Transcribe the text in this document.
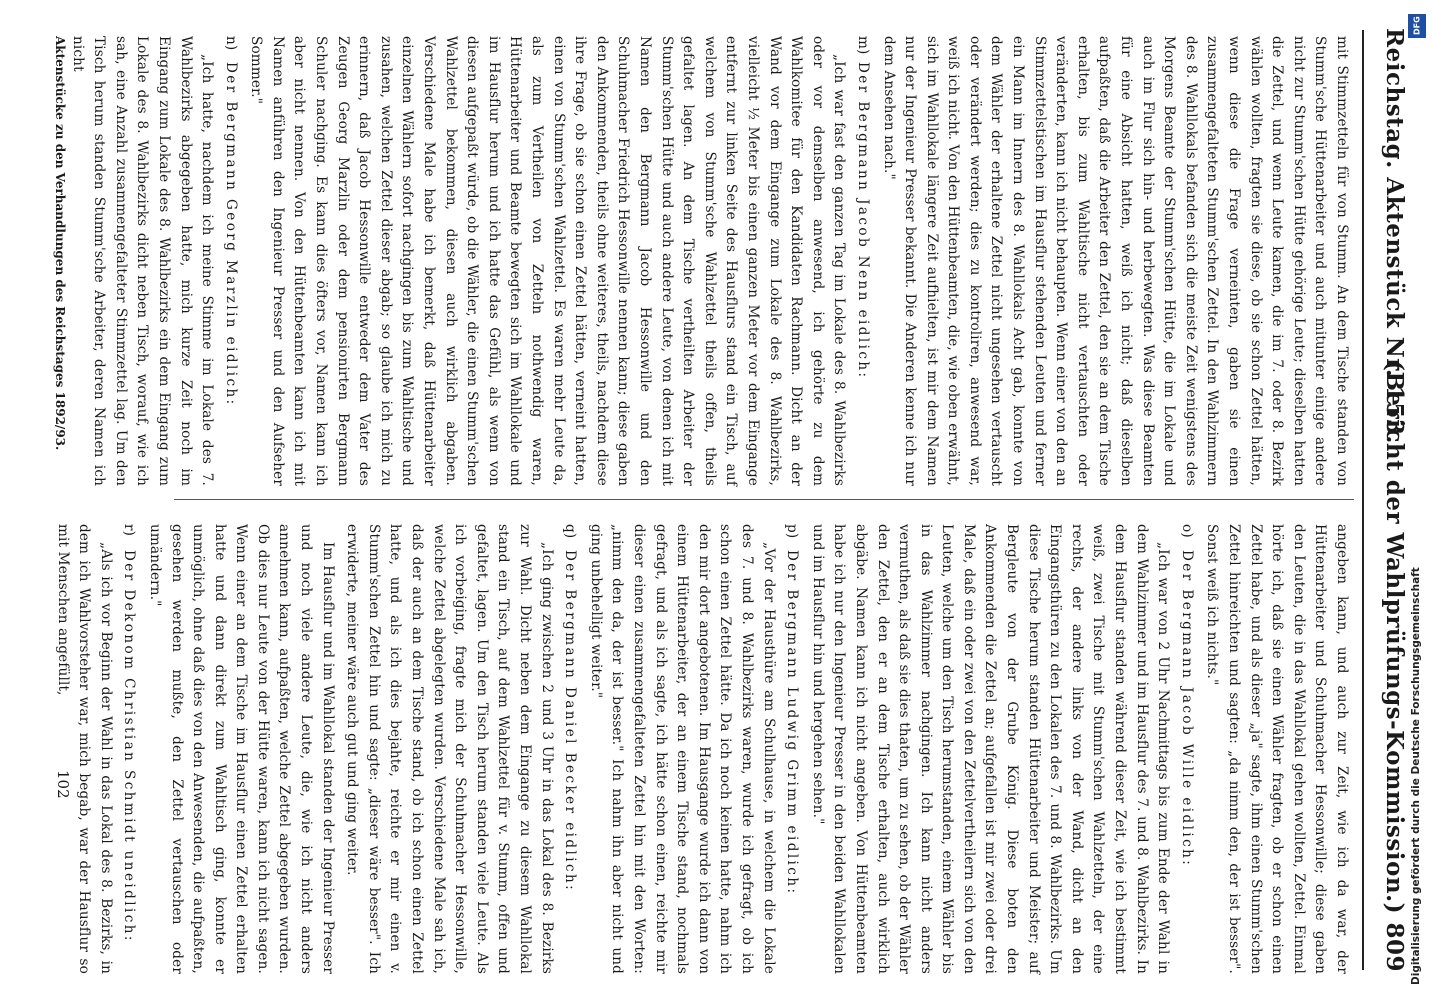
Reichstag. Aktenstück Nr. 153.
(Bericht der Wahlprüfungs-Kommission.) 809

mit Stimmzetteln für von Stumm. An dem Tische standen von Stumm'sche Hüttenarbeiter und auch mitunter einige andere nicht zur Stumm'schen Hütte gehörige Leute; dieselben hatten die Zettel, und wenn Leute kamen, die im 7. oder 8. Bezirk wählen wollten, fragten sie diese, ob sie schon Zettel hätten, wenn diese die Frage verneinten, gaben sie einen zusammengefalteten Stumm'schen Zettel. In den Wahlzimmern des 8. Wahllokals befanden sich die meiste Zeit wenigstens des Morgens Beamte der Stumm'schen Hütte, die im Lokale und auch im Flur sich hin- und herbewegten. Was diese Beamten für eine Absicht hatten, weiß ich nicht; daß dieselben aufpaßten, daß die Arbeiter den Zettel, den sie an dem Tische erhalten, bis zum Wahltische nicht vertauschten oder veränderten, kann ich nicht behaupten. Wenn einer von den an Stimmzettelstischen im Hausflur stehenden Leuten und ferner ein Mann im Innern des 8. Wahllokals Acht gab, konnte von dem Wähler der erhaltene Zettel nicht ungesehen vertauscht oder verändert werden; dies zu kontroliren, anwesend war, weiß ich nicht. Von den Hüttenbeamten, die, wie oben erwähnt, sich im Wahllokale längere Zeit aufhielten, ist mir dem Namen nur der Ingenieur Presser bekannt. Die Anderen kenne ich nur dem Ansehen nach."

m)Der Bergmann Jacob Nenn eidlich:

„Ich war fast den ganzen Tag im Lokale des 8. Wahlbezirks oder vor demselben anwesend, ich gehörte zu dem Wahlkomitee für den Kandidaten Rachmann. Dicht an der Wand vor dem Eingange zum Lokale des 8. Wahlbezirks, vielleicht ½ Meter bis einen ganzen Meter vor dem Eingange entfernt zur linken Seite des Hausflurs stand ein Tisch, auf welchem von Stumm'sche Wahlzettel theils offen, theils gefaltet lagen. An dem Tische vertheilten Arbeiter der Stumm'schen Hütte und auch andere Leute, von denen ich mit Namen den Bergmann Jacob Hessonwille und den Schuhmacher Friedrich Hessonwille nennen kann; diese gaben den Ankommenden, theils ohne weiteres, theils, nachdem diese ihre Frage, ob sie schon einen Zettel hätten, verneint hatten, einen von Stumm'schen Wahlzettel. Es waren mehr Leute da, als zum Vertheilen von Zetteln nothwendig waren, Hüttenarbeiter und Beamte bewegten sich im Wahllokale und im Hausflur herum und ich hatte das Gefühl, als wenn von diesen aufgepaßt würde, ob die Wähler, die einen Stumm'schen Wahlzettel bekommen, diesen auch wirklich abgaben. Verschiedene Male habe ich bemerkt, daß Hüttenarbeiter einzelnen Wählern sofort nachgingen bis zum Wahltische und zusahen, welchen Zettel dieser abgab; so glaube ich mich zu erinnern, daß Jacob Hessonwille entweder dem Vater des Zeugen Georg Marzlin oder dem pensionirten Bergmann Schuler nachging. Es kann dies öfters vor, Namen kann ich aber nicht nennen. Von den Hüttenbeamten kann ich mit Namen anführen den Ingenieur Presser und den Aufseher Sommer."

n)Der Bergmann Georg Marzlin eidlich:

„Ich hatte, nachdem ich meine Stimme im Lokale des 7. Wahlbezirks abgegeben hatte, mich kurze Zeit noch im Eingang zum Lokale des 8. Wahlbezirks ein dem Eingang zum Lokale des 8. Wahlbezirks dicht neben Tisch, worauf, wie ich sah, eine Anzahl zusammengefalteter Stimmzettel lag. Um den Tisch herum standen Stumm'sche Arbeiter, deren Namen ich nicht

angeben kann, und auch zur Zeit, wie ich da war, der Hüttenarbeiter und Schuhmacher Hessonwille; diese gaben den Leuten, die in das Wahllokal gehen wollten, Zettel. Einmal hörte ich, daß sie einen Wähler fragten, ob er schon einen Zettel habe, und als dieser „ja" sagte, ihm einen Stumm'schen Zettel hinreichten und sagten: „da nimm den, der ist besser". Sonst weiß ich nichts."

o)Der Bergmann Jacob Wille eidlich:

„Ich war von 2 Uhr Nachmittags bis zum Ende der Wahl in dem Wahlzimmer und im Hausflur des 7. und 8. Wahlbezirks. In dem Hausflur standen während dieser Zeit, wie ich bestimmt weiß, zwei Tische mit Stumm'schen Wahlzetteln, der eine rechts, der andere links von der Wand, dicht an den Eingangsthüren zu den Lokalen des 7. und 8. Wahlbezirks. Um diese Tische herum standen Hüttenarbeiter und Meister; auf Bergleute von der Grube König. Diese boten den Ankommenden die Zettel an; aufgefallen ist mir zwei oder drei Male, daß ein oder zwei von den Zettelvertheilern sich von den Leuten, welche um den Tisch herumstanden, einem Wähler bis in das Wahlzimmer nachgingen. Ich kann nicht anders vermuthen, als daß sie dies thaten, um zu sehen, ob der Wähler den Zettel, den er an dem Tische erhalten, auch wirklich abgäbe. Namen kann ich nicht angeben. Von Hüttenbeamten habe ich nur den Ingenieur Presser in den beiden Wahllokalen und im Hausflur hin und hergehen sehen."

p)Der Bergmann Ludwig Grimm eidlich:

„Vor der Hausthüre am Schulhause, in welchem die Lokale des 7. und 8. Wahlbezirks waren, wurde ich gefragt, ob ich schon einen Zettel hätte. Da ich noch keinen hatte, nahm ich den mir dort angebotenen. Im Hausgange wurde ich dann von einem Hüttenarbeiter, der an einem Tische stand, nochmals gefragt, und als ich sagte, ich hätte schon einen, reichte mir dieser einen zusammengefalteten Zettel hin mit den Worten: „nimm den da, der ist besser." Ich nahm ihn aber nicht und ging unbehelligt weiter."

q)Der Bergmann Daniel Becker eidlich:

„Ich ging zwischen 2 und 3 Uhr in das Lokal des 8. Bezirks zur Wahl. Dicht neben dem Eingange zu diesem Wahllokal stand ein Tisch, auf dem Wahlzettel für v. Stumm, offen und gefaltet, lagen. Um den Tisch herum standen viele Leute. Als ich vorbeiging, fragte mich der Schuhmacher Hessonwille, welche Zettel abgelegten wurden. Verschiedene Male sah ich, daß der auch an dem Tische stand, ob ich schon einen Zettel hatte, und als ich dies bejahte, reichte er mir einen v. Stumm'schen Zettel hin und sagte: „dieser wäre besser". Ich erwiderte, meiner wäre auch gut und ging weiter.

Im Hausflur und im Wahllokal standen der Ingenieur Presser und noch viele andere Leute, die, wie ich nicht anders annehmen kann, aufpaßten, welche Zettel abgegeben wurden. Ob dies nur Leute von der Hütte waren, kann ich nicht sagen. Wenn einer an dem Tische im Hausflur einen Zettel erhalten hatte und dann direkt zum Wahltisch ging, konnte er unmöglich, ohne daß dies von den Anwesenden, die aufpaßten, gesehen werden mußte, den Zettel vertauschen oder umändern."

r)Der Dekonom Christian Schmidt uneidlich:

„Als ich vor Beginn der Wahl in das Lokal des 8. Bezirks, in dem ich Wahlvorsteher war, mich begab, war der Hausflur so mit Menschen angefüllt,

Aktenstücke zu den Verhandlungen des Reichstages 1892/93.
102
DFG
Digitalisierung gefördert durch die Deutsche Forschungsgemeinschaft
